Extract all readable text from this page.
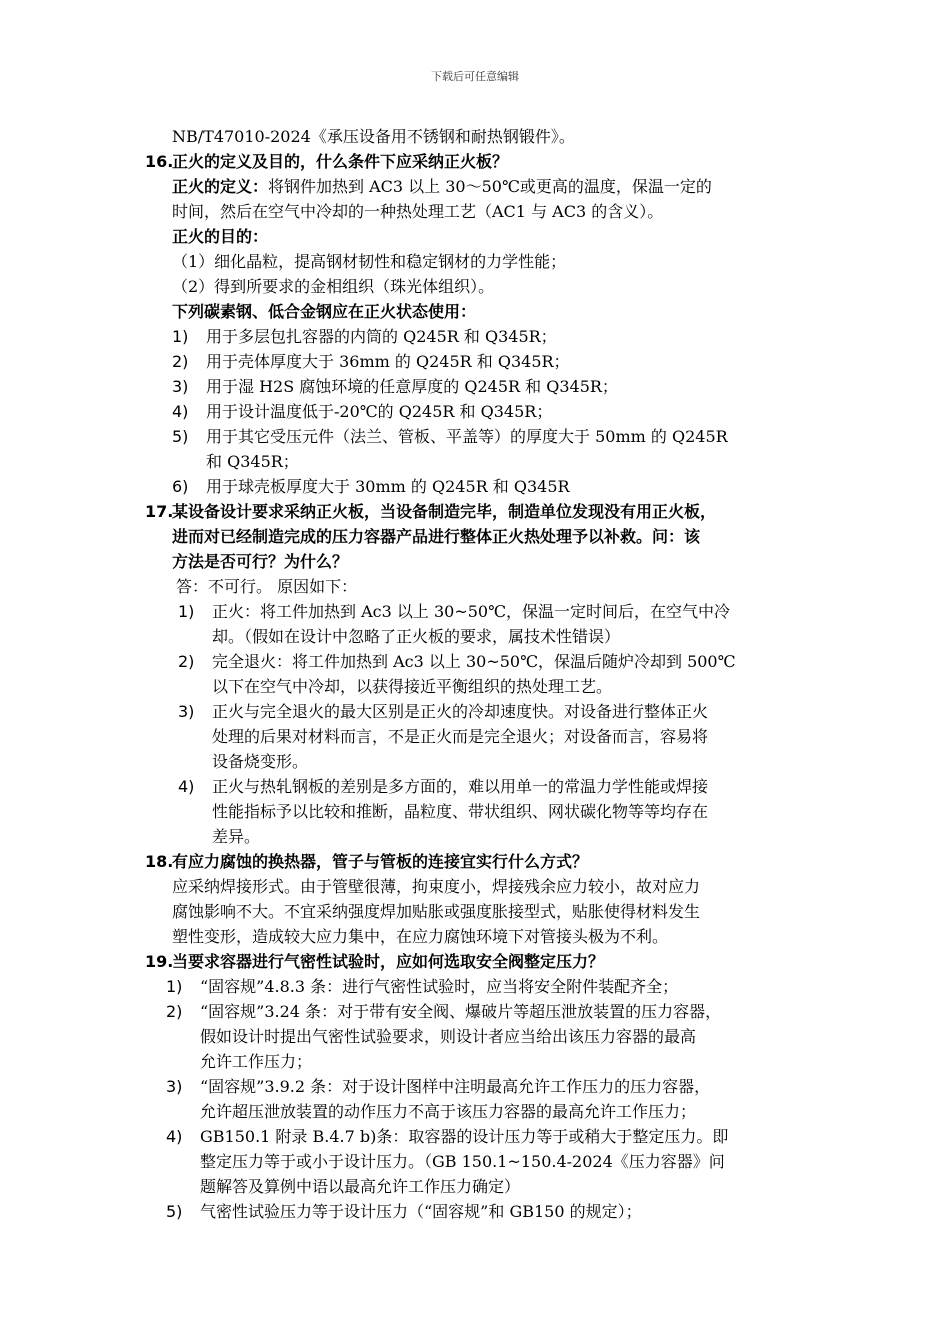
下载后可任意编辑
NB/T47010-2024《承压设备用不锈钢和耐热钢锻件》。
16.
正火的定义及目的，什么条件下应采纳正火板？
正火的定义： 将钢件加热到 AC3 以上 30～50℃或更高的温度，保温一定的
时间，然后在空气中冷却的一种热处理工艺（AC1 与 AC3 的含义）。
正火的目的：
（1）细化晶粒，提高钢材韧性和稳定钢材的力学性能；
（2）得到所要求的金相组织（珠光体组织）。
下列碳素钢、低合金钢应在正火状态使用：
1) 用于多层包扎容器的内筒的 Q245R 和 Q345R；
2) 用于壳体厚度大于 36mm 的 Q245R 和 Q345R；
3) 用于湿 H2S 腐蚀环境的任意厚度的 Q245R 和 Q345R；
4) 用于设计温度低于-20℃的 Q245R 和 Q345R；
5) 用于其它受压元件（法兰、管板、平盖等）的厚度大于 50mm 的 Q245R
和 Q345R；
6) 用于球壳板厚度大于 30mm 的 Q245R 和 Q345R
17.
某设备设计要求采纳正火板，当设备制造完毕，制造单位发现没有用正火板，
进而对已经制造完成的压力容器产品进行整体正火热处理予以补救。问：该
方法是否可行？为什么？
答：不可行。 原因如下：
1) 正火：将工件加热到 Ac3 以上 30~50℃，保温一定时间后，在空气中冷
却。（假如在设计中忽略了正火板的要求，属技术性错误）
2) 完全退火：将工件加热到 Ac3 以上 30~50℃，保温后随炉冷却到 500℃
以下在空气中冷却，以获得接近平衡组织的热处理工艺。
3) 正火与完全退火的最大区别是正火的冷却速度快。对设备进行整体正火
处理的后果对材料而言，不是正火而是完全退火；对设备而言，容易将
设备烧变形。
4) 正火与热轧钢板的差别是多方面的，难以用单一的常温力学性能或焊接
性能指标予以比较和推断，晶粒度、带状组织、网状碳化物等等均存在
差异。
18.
有应力腐蚀的换热器，管子与管板的连接宜实行什么方式？
应采纳焊接形式。由于管壁很薄，拘束度小，焊接残余应力较小，故对应力
腐蚀影响不大。不宜采纳强度焊加贴胀或强度胀接型式，贴胀使得材料发生
塑性变形，造成较大应力集中，在应力腐蚀环境下对管接头极为不利。
19.
当要求容器进行气密性试验时，应如何选取安全阀整定压力？
1) “固容规”4.8.3 条：进行气密性试验时，应当将安全附件装配齐全；
2) “固容规”3.24 条：对于带有安全阀、爆破片等超压泄放装置的压力容器，
假如设计时提出气密性试验要求，则设计者应当给出该压力容器的最高
允许工作压力；
3) “固容规”3.9.2 条：对于设计图样中注明最高允许工作压力的压力容器，
允许超压泄放装置的动作压力不高于该压力容器的最高允许工作压力；
4) GB150.1 附录 B.4.7 b)条：取容器的设计压力等于或稍大于整定压力。即
整定压力等于或小于设计压力。（GB 150.1~150.4-2024《压力容器》问
题解答及算例中语以最高允许工作压力确定）
5) 气密性试验压力等于设计压力（“固容规”和 GB150 的规定）；
